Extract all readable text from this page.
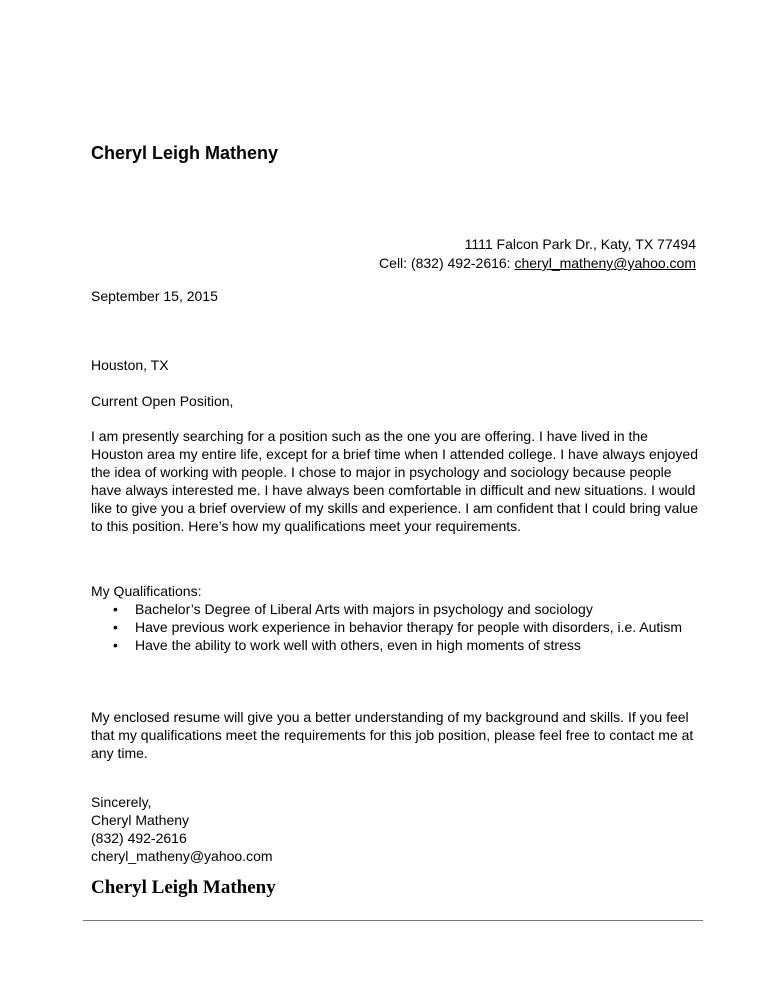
Cheryl Leigh Matheny
1111 Falcon Park Dr., Katy, TX 77494
Cell: (832) 492-2616: cheryl_matheny@yahoo.com
September 15, 2015
Houston, TX
Current Open Position,
I am presently searching for a position such as the one you are offering. I have lived in the Houston area my entire life, except for a brief time when I attended college. I have always enjoyed the idea of working with people. I chose to major in psychology and sociology because people have always interested me. I have always been comfortable in difficult and new situations. I would like to give you a brief overview of my skills and experience. I am confident that I could bring value to this position. Here’s how my qualifications meet your requirements.
My Qualifications:
• Bachelor’s Degree of Liberal Arts with majors in psychology and sociology
• Have previous work experience in behavior therapy for people with disorders, i.e. Autism
• Have the ability to work well with others, even in high moments of stress
My enclosed resume will give you a better understanding of my background and skills. If you feel that my qualifications meet the requirements for this job position, please feel free to contact me at any time.
Sincerely,
Cheryl Matheny
(832) 492-2616
cheryl_matheny@yahoo.com
Cheryl Leigh Matheny
